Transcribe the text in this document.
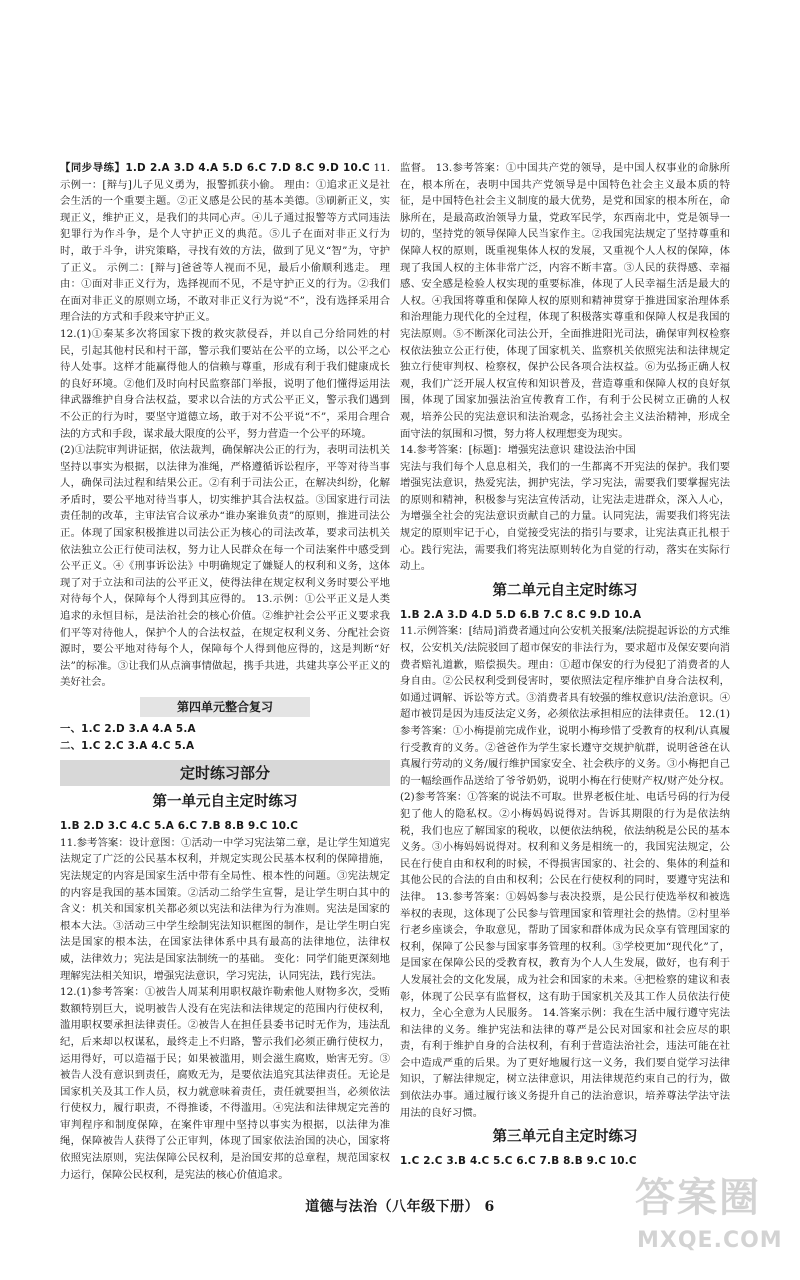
【同步导练】1.D 2.A 3.D 4.A 5.D 6.C 7.D 8.C 9.D 10.C 11.示例一：[辩与]儿子见义勇为，报警抓获小偷。 理由：①追求正义是社会生活的一个重要主题。②正义感是公民的基本美德。③刷新正义，实现正义，维护正义，是我们的共同心声。④儿子通过报警等方式同违法犯罪行为作斗争，是个人守护正义的典范。⑤儿子在面对非正义行为时，敢于斗争，讲究策略，寻找有效的方法，做到了见义“智”为，守护了正义。 示例二：[辩与]爸爸等人视而不见，最后小偷顺利逃走。 理由：①面对非正义行为，选择视而不见，不是守护正义的行为。②我们在面对非正义的原则立场，不敢对非正义行为说“不”，没有选择采用合理合法的方式和手段来守护正义。

12.(1)①秦某多次将国家下拨的救灾款侵吞，并以自己分给同姓的村民，引起其他村民和村干部，警示我们要站在公平的立场，以公平之心待人处事。这样才能赢得他人的信赖与尊重，形成有利于我们健康成长的良好环境。②他们及时向村民监察部门举报，说明了他们懂得运用法律武器维护自身合法权益，要求以合法的方式公平正义，警示我们遇到不公正的行为时，要坚守道德立场，敢于对不公平说“不”，采用合理合法的方式和手段，谋求最大限度的公平，努力营造一个公平的环境。

(2)①法院审判讲证据，依法裁判，确保解决公正的行为，表明司法机关坚持以事实为根据，以法律为准绳，严格遵循诉讼程序，平等对待当事人，确保司法过程和结果公正。②有利于司法公正，在解决纠纷，化解矛盾时，要公平地对待当事人，切实维护其合法权益。③国家进行司法责任制的改革，主审法官合议承办“谁办案谁负责”的原则，推进司法公正。体现了国家积极推进以司法公正为核心的司法改革，要求司法机关依法独立公正行使司法权，努力让人民群众在每一个司法案件中感受到公平正义。④《刑事诉讼法》中明确规定了嫌疑人的权利和义务，这体现了对于立法和司法的公平正义，使得法律在规定权利义务时要公平地对待每个人，保障每个人得到其应得的。 13.示例：①公平正义是人类追求的永恒目标，是法治社会的核心价值。②维护社会公平正义要求我们平等对待他人，保护个人的合法权益，在规定权利义务、分配社会资源时，要公平地对待每个人，保障每个人得到他应得的，这是判断“好法”的标准。③让我们从点滴事情做起，携手共进，共建共享公平正义的美好社会。

第四单元整合复习

一、1.C 2.D 3.A 4.A 5.A

二、1.C 2.C 3.A 4.C 5.A

定时练习部分
第一单元自主定时练习

1.B 2.D 3.C 4.C 5.A 6.C 7.B 8.B 9.C 10.C

11.参考答案：设计意图：①活动一中学习宪法第二章，是让学生知道宪法规定了广泛的公民基本权利，并规定实现公民基本权利的保障措施，宪法规定的内容是国家生活中带有全局性、根本性的问题。③宪法规定的内容是我国的基本国策。②活动二给学生宣誓，是让学生明白其中的含义：机关和国家机关都必须以宪法和法律为行为准则。宪法是国家的根本大法。③活动三中学生绘制宪法知识框图的制作，是让学生明白宪法是国家的根本法，在国家法律体系中具有最高的法律地位，法律权威，法律效力；宪法是国家法制统一的基础。 变化：同学们能更深刻地理解宪法相关知识，增强宪法意识，学习宪法，认同宪法，践行宪法。

12.(1)参考答案：①被告人周某利用职权敲诈勒索他人财物多次，受贿数额特别巨大，说明被告人没有在宪法和法律规定的范围内行使权利，滥用职权要承担法律责任。②被告人在担任县委书记时无作为，违法乱纪，后来却以权谋私，最终走上不归路，警示我们必须正确行使权力，运用得好，可以造福于民；如果被滥用，则会滋生腐败，贻害无穷。③被告人没有意识到责任，腐败无为，是要依法追究其法律责任。无论是国家机关及其工作人员，权力就意味着责任，责任就要担当，必须依法行使权力，履行职责，不得推诿，不得滥用。④宪法和法律规定完善的审判程序和制度保障，在案件审理中坚持以事实为根据，以法律为准绳，保障被告人获得了公正审判，体现了国家依法治国的决心，国家将依照宪法原则，宪法保障公民权利，是治国安邦的总章程，规范国家权力运行，保障公民权利，是宪法的核心价值追求。

监督。 13.参考答案：①中国共产党的领导，是中国人权事业的命脉所在，根本所在，表明中国共产党领导是中国特色社会主义最本质的特征，是中国特色社会主义制度的最大优势，是党和国家的根本所在，命脉所在，是最高政治领导力量，党政军民学，东西南北中，党是领导一切的，坚持党的领导保障人民当家作主。②我国宪法规定了坚持尊重和保障人权的原则，既重视集体人权的发展，又重视个人人权的保障，体现了我国人权的主体非常广泛，内容不断丰富。③人民的获得感、幸福感、安全感是检验人权实现的重要标准，体现了人民幸福生活是最大的人权。④我国将尊重和保障人权的原则和精神贯穿于推进国家治理体系和治理能力现代化的全过程，体现了积极落实尊重和保障人权是我国的宪法原则。⑤不断深化司法公开，全面推进阳光司法，确保审判权检察权依法独立公正行使，体现了国家机关、监察机关依照宪法和法律规定独立行使审判权、检察权，保护公民各项合法权益。⑥为弘扬正确人权观，我们广泛开展人权宣传和知识普及，营造尊重和保障人权的良好氛围，体现了国家加强法治宣传教育工作，有利于公民树立正确的人权观，培养公民的宪法意识和法治观念，弘扬社会主义法治精神，形成全面守法的氛围和习惯，努力将人权理想变为现实。

14.参考答案：[标题]：增强宪法意识 建设法治中国

宪法与我们每个人息息相关，我们的一生都离不开宪法的保护。我们要增强宪法意识，热爱宪法，拥护宪法，学习宪法，需要我们要掌握宪法的原则和精神，积极参与宪法宣传活动，让宪法走进群众，深入人心，为增强全社会的宪法意识贡献自己的力量。认同宪法，需要我们将宪法规定的原则牢记于心，自觉接受宪法的指引与要求，让宪法真正扎根于心。践行宪法，需要我们将宪法原则转化为自觉的行动，落实在实际行动上。

第二单元自主定时练习

1.B 2.A 3.D 4.D 5.D 6.B 7.C 8.C 9.D 10.A

11.示例答案：[结局]消费者通过向公安机关报案/法院提起诉讼的方式维权，公安机关/法院驳回了超市保安的非法行为，要求超市及保安要向消费者赔礼道歉，赔偿损失。理由：①超市保安的行为侵犯了消费者的人身自由。②公民权利受到侵害时，要依照法定程序维护自身合法权利，如通过调解、诉讼等方式。③消费者具有较强的维权意识/法治意识。④超市被罚是因为违反法定义务，必须依法承担相应的法律责任。 12.(1)参考答案：①小梅提前完成作业，说明小梅珍惜了受教育的权利/认真履行受教育的义务。②爸爸作为学生家长遵守交规护航群，说明爸爸在认真履行劳动的义务/履行维护国家安全、社会秩序的义务。③小梅把自己的一幅绘画作品送给了爷爷奶奶，说明小梅在行使财产权/财产处分权。 (2)参考答案：①答案的说法不可取。世界老板住址、电话号码的行为侵犯了他人的隐私权。②小梅妈妈说得对。告诉其期限的行为是依法纳税，我们也应了解国家的税收，以便依法纳税，依法纳税是公民的基本义务。③小梅妈妈说得对。权利和义务是相统一的，我国宪法规定，公民在行使自由和权利的时候，不得损害国家的、社会的、集体的利益和其他公民的合法的自由和权利；公民在行使权利的同时，要遵守宪法和法律。 13.参考答案：①妈妈参与表决投票，是公民行使选举权和被选举权的表现，这体现了公民参与管理国家和管理社会的热情。②村里举行老乡座谈会，争取意见，帮助了国家和群体成为民众享有管理国家的权利，保障了公民参与国家事务管理的权利。③学校更加“现代化”了，是国家在保障公民的受教育权，教育为个人人生发展，做好，也有利于人发展社会的文化发展，成为社会和国家的未来。④把检察的建议和表彰，体现了公民享有监督权，这有助于国家机关及其工作人员依法行使权力，全心全意为人民服务。 14.答案示例：我在生活中履行遵守宪法和法律的义务。维护宪法和法律的尊严是公民对国家和社会应尽的职责，有利于维护自身的合法权利，有利于营造法治社会，违法可能在社会中造成严重的后果。为了更好地履行这一义务，我们要自觉学习法律知识，了解法律规定，树立法律意识，用法律规范约束自己的行为，做到依法办事。通过履行该义务提升自己的法治意识，培养尊法学法守法用法的良好习惯。

第三单元自主定时练习

1.C 2.C 3.B 4.C 5.C 6.C 7.B 8.B 9.C 10.C

道德与法治（八年级下册） 6	答案圈
MXQE.COM
